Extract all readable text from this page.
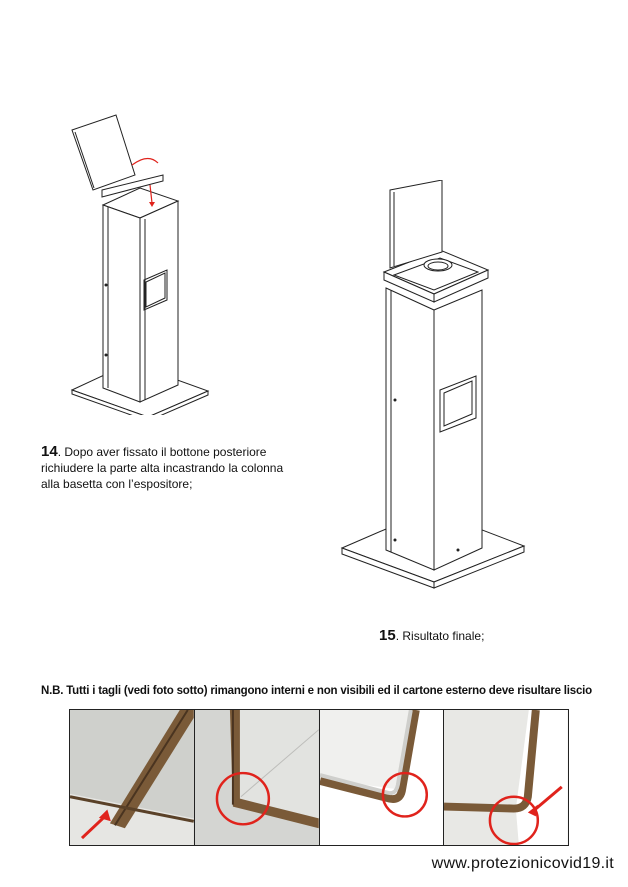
14. Dopo aver fissato il bottone posteriore
richiudere la parte alta incastrando la colonna
alla basetta con l’espositore;
15. Risultato finale;
N.B. Tutti i tagli (vedi foto sotto) rimangono interni e non visibili ed il cartone esterno deve risultare liscio
www.protezionicovid19.it
